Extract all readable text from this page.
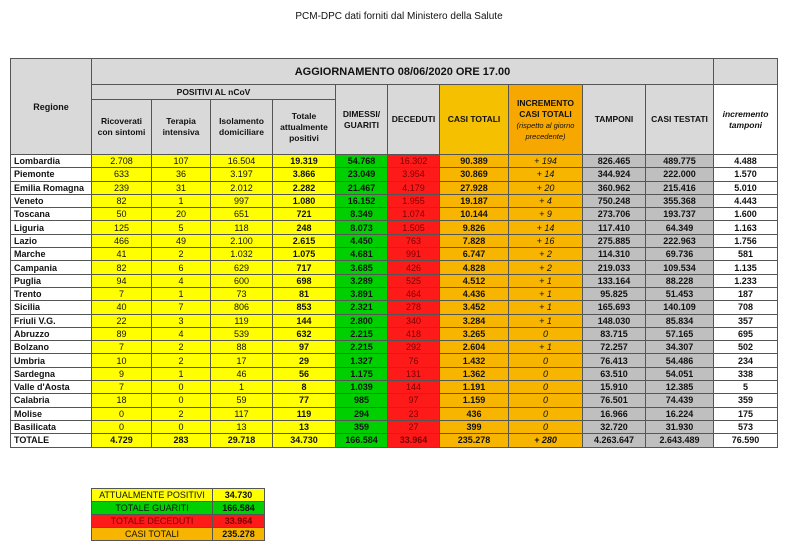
PCM-DPC dati forniti dal Ministero della Salute
Regione	AGGIORNAMENTO 08/06/2020 ORE 17.00										
	POSITIVI AL nCoV				DIMESSI/ GUARITI	DECEDUTI	CASI TOTALI	INCREMENTO CASI TOTALI
(rispetto al giorno precedente)	TAMPONI	CASI TESTATI	incremento tamponi
	Ricoverati con sintomi	Terapia intensiva	Isolamento domiciliare	Totale attualmente positivi							
Lombardia	2.708	107	16.504	19.319	54.768	16.302	90.389	+ 194	826.465	489.775	4.488
Piemonte	633	36	3.197	3.866	23.049	3.954	30.869	+ 14	344.924	222.000	1.570
Emilia Romagna	239	31	2.012	2.282	21.467	4.179	27.928	+ 20	360.962	215.416	5.010
Veneto	82	1	997	1.080	16.152	1.955	19.187	+ 4	750.248	355.368	4.443
Toscana	50	20	651	721	8.349	1.074	10.144	+ 9	273.706	193.737	1.600
Liguria	125	5	118	248	8.073	1.505	9.826	+ 14	117.410	64.349	1.163
Lazio	466	49	2.100	2.615	4.450	763	7.828	+ 16	275.885	222.963	1.756
Marche	41	2	1.032	1.075	4.681	991	6.747	+ 2	114.310	69.736	581
Campania	82	6	629	717	3.685	426	4.828	+ 2	219.033	109.534	1.135
Puglia	94	4	600	698	3.289	525	4.512	+ 1	133.164	88.228	1.233
Trento	7	1	73	81	3.891	464	4.436	+ 1	95.825	51.453	187
Sicilia	40	7	806	853	2.321	278	3.452	+ 1	165.693	140.109	708
Friuli V.G.	22	3	119	144	2.800	340	3.284	+ 1	148.030	85.834	357
Abruzzo	89	4	539	632	2.215	418	3.265	0	83.715	57.165	695
Bolzano	7	2	88	97	2.215	292	2.604	+ 1	72.257	34.307	502
Umbria	10	2	17	29	1.327	76	1.432	0	76.413	54.486	234
Sardegna	9	1	46	56	1.175	131	1.362	0	63.510	54.051	338
Valle d'Aosta	7	0	1	8	1.039	144	1.191	0	15.910	12.385	5
Calabria	18	0	59	77	985	97	1.159	0	76.501	74.439	359
Molise	0	2	117	119	294	23	436	0	16.966	16.224	175
Basilicata	0	0	13	13	359	27	399	0	32.720	31.930	573
TOTALE	4.729	283	29.718	34.730	166.584	33.964	235.278	+ 280	4.263.647	2.643.489	76.590
ATTUALMENTE POSITIVI	34.730
TOTALE GUARITI	166.584
TOTALE DECEDUTI	33.964
CASI TOTALI	235.278
